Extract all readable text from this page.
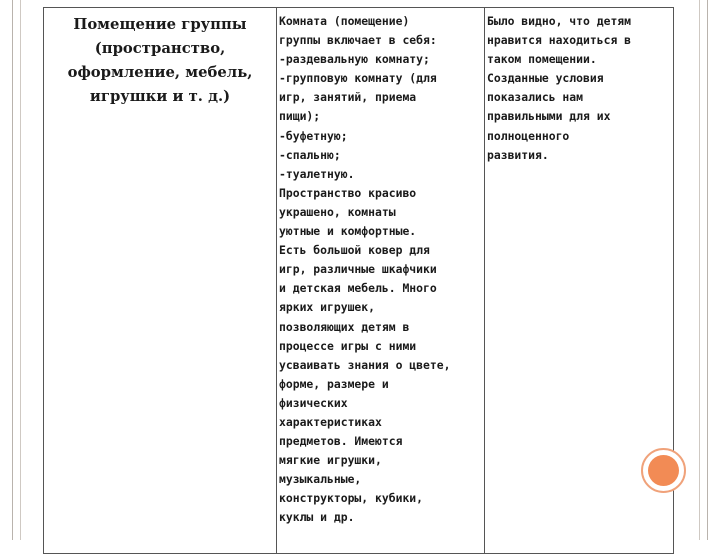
Помещение группы
(пространство,
оформление, мебель,
игрушки и т. д.)

Комната (помещение)
группы включает в себя:
-раздевальную комнату;
-групповую комнату (для
игр, занятий, приема
пищи);
-буфетную;
-спальню;
-туалетную.
Пространство красиво
украшено, комнаты
уютные и комфортные.
Есть большой ковер для
игр, различные шкафчики
и детская мебель. Много
ярких игрушек,
позволяющих детям в
процессе игры с ними
усваивать знания о цвете,
форме, размере и
физических
характеристиках
предметов. Имеются
мягкие игрушки,
музыкальные,
конструкторы, кубики,
куклы и др.

Было видно, что детям
нравится находиться в
таком помещении.
Созданные условия
показались нам
правильными для их
полноценного
развития.
